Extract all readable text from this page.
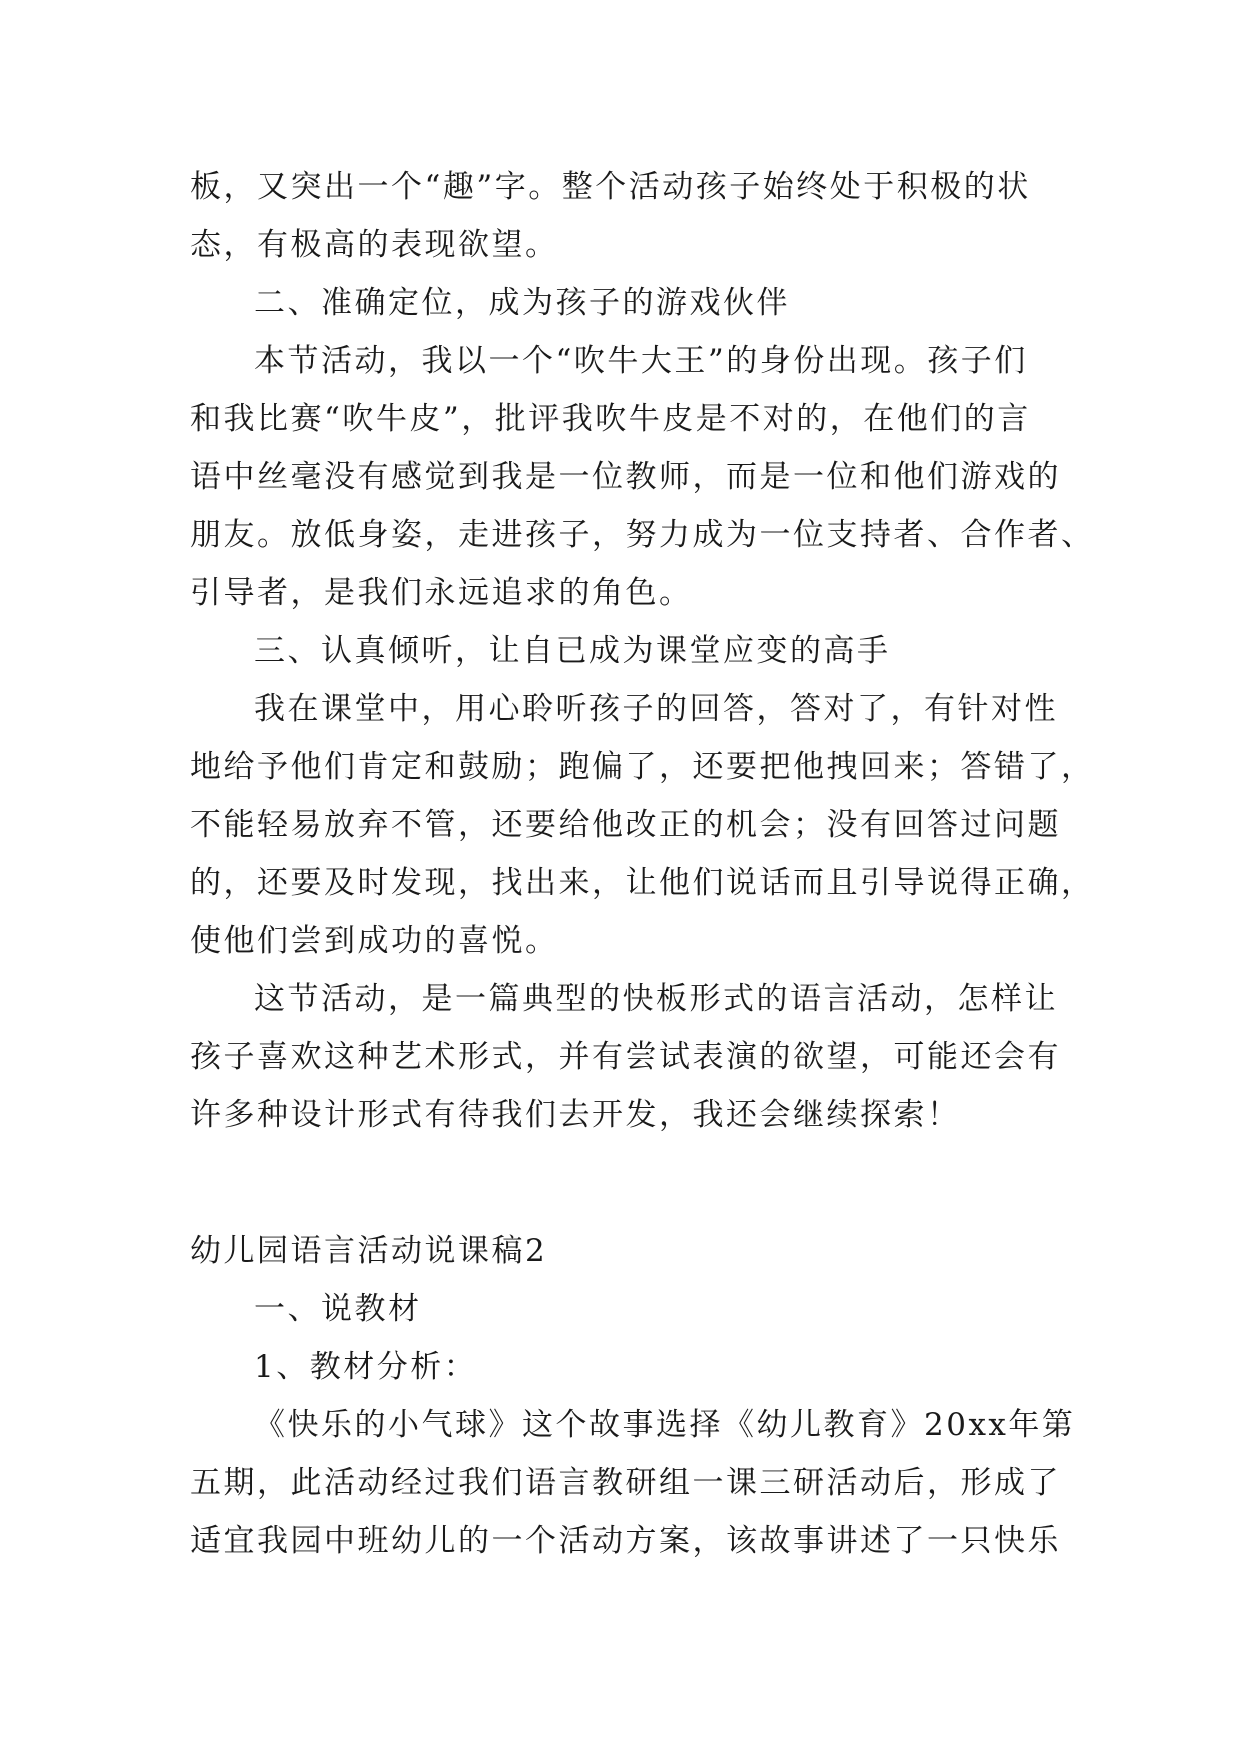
板，又突出一个“趣”字。整个活动孩子始终处于积极的状
态，有极高的表现欲望。
二、准确定位，成为孩子的游戏伙伴
本节活动，我以一个“吹牛大王”的身份出现。孩子们
和我比赛“吹牛皮”，批评我吹牛皮是不对的，在他们的言
语中丝毫没有感觉到我是一位教师，而是一位和他们游戏的
朋友。放低身姿，走进孩子，努力成为一位支持者、合作者、
引导者，是我们永远追求的角色。
三、认真倾听，让自已成为课堂应变的高手
我在课堂中，用心聆听孩子的回答，答对了，有针对性
地给予他们肯定和鼓励；跑偏了，还要把他拽回来；答错了，
不能轻易放弃不管，还要给他改正的机会；没有回答过问题
的，还要及时发现，找出来，让他们说话而且引导说得正确，
使他们尝到成功的喜悦。
这节活动，是一篇典型的快板形式的语言活动，怎样让
孩子喜欢这种艺术形式，并有尝试表演的欲望，可能还会有
许多种设计形式有待我们去开发，我还会继续探索！
幼儿园语言活动说课稿2
一、说教材
1、教材分析：
《快乐的小气球》这个故事选择《幼儿教育》20xx年第
五期，此活动经过我们语言教研组一课三研活动后，形成了
适宜我园中班幼儿的一个活动方案，该故事讲述了一只快乐
